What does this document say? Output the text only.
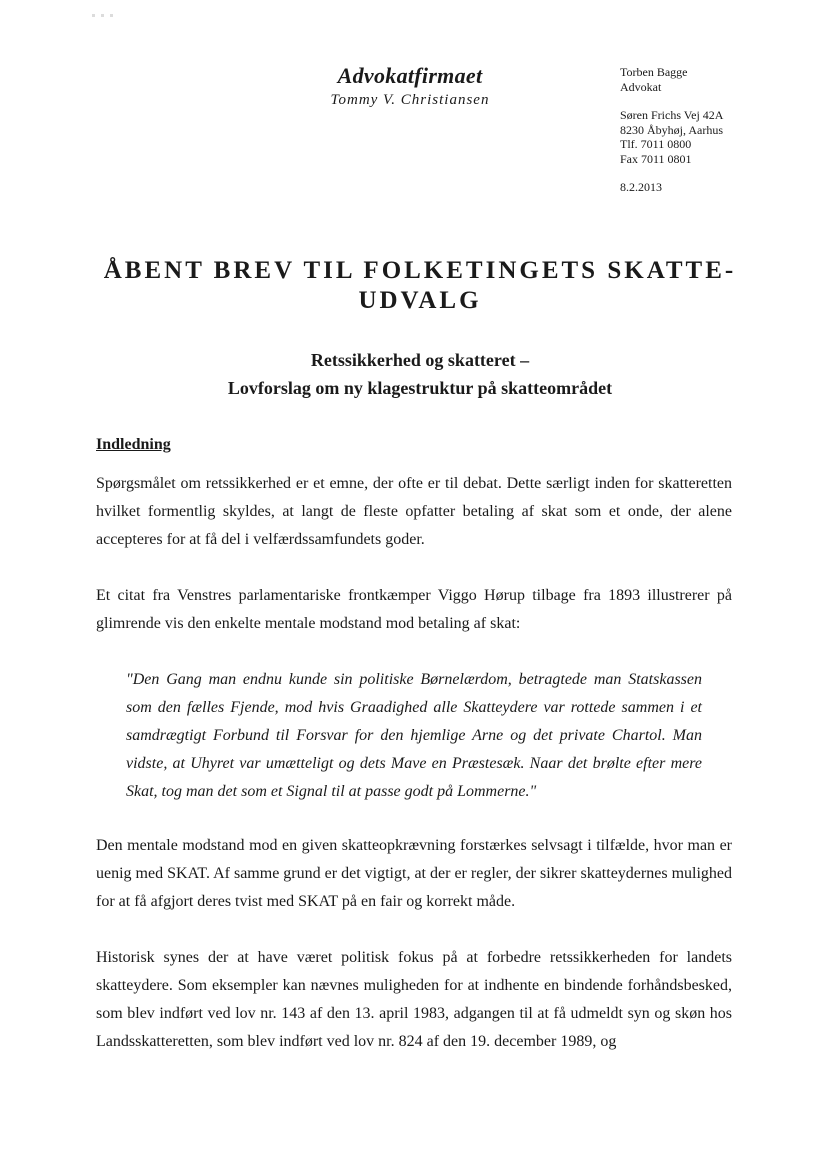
Advokatfirmaet
Tommy V. Christiansen
Torben Bagge
Advokat
Søren Frichs Vej 42A
8230 Åbyhøj, Aarhus
Tlf. 7011 0800
Fax 7011 0801
8.2.2013
ÅBENT BREV TIL FOLKETINGETS SKATTE-
UDVALG
Retssikkerhed og skatteret –
Lovforslag om ny klagestruktur på skatteområdet
Indledning
Spørgsmålet om retssikkerhed er et emne, der ofte er til debat. Dette særligt inden for skatteretten hvilket formentlig skyldes, at langt de fleste opfatter betaling af skat som et onde, der alene accepteres for at få del i velfærdssamfundets goder.
Et citat fra Venstres parlamentariske frontkæmper Viggo Hørup tilbage fra 1893 illustrerer på glimrende vis den enkelte mentale modstand mod betaling af skat:
"Den Gang man endnu kunde sin politiske Børnelærdom, betragtede man Statskassen som den fælles Fjende, mod hvis Graadighed alle Skatteydere var rottede sammen i et samdrægtigt Forbund til Forsvar for den hjemlige Arne og det private Chartol. Man vidste, at Uhyret var umætteligt og dets Mave en Præstesæk. Naar det brølte efter mere Skat, tog man det som et Signal til at passe godt på Lommerne."
Den mentale modstand mod en given skatteopkrævning forstærkes selvsagt i tilfælde, hvor man er uenig med SKAT. Af samme grund er det vigtigt, at der er regler, der sikrer skatteydernes mulighed for at få afgjort deres tvist med SKAT på en fair og korrekt måde.
Historisk synes der at have været politisk fokus på at forbedre retssikkerheden for landets skatteydere. Som eksempler kan nævnes muligheden for at indhente en bindende forhåndsbesked, som blev indført ved lov nr. 143 af den 13. april 1983, adgangen til at få udmeldt syn og skøn hos Landsskatteretten, som blev indført ved lov nr. 824 af den 19. december 1989, og
